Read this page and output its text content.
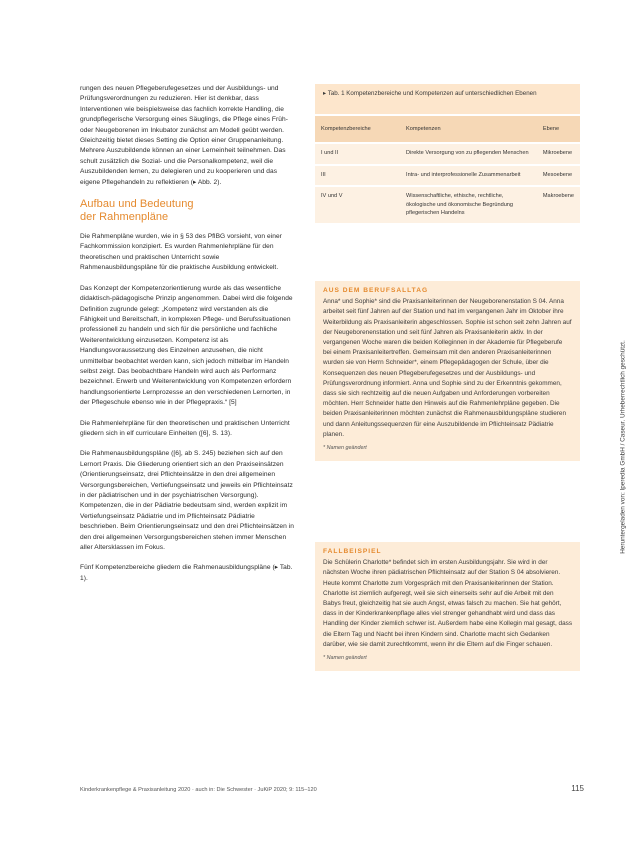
rungen des neuen Pflegeberufegesetzes und der Ausbildungs- und Prüfungsverordnungen zu reduzieren. Hier ist denkbar, dass Interventionen wie beispielsweise das fachlich korrekte Handling, die grundpflegerische Versorgung eines Säuglings, die Pflege eines Früh- oder Neugeborenen im Inkubator zunächst am Modell geübt werden. Gleichzeitig bietet dieses Setting die Option einer Gruppenanleitung. Mehrere Auszubildende können an einer Lerneinheit teilnehmen. Das schult zusätzlich die Sozial- und die Personalkompetenz, weil die Auszubildenden lernen, zu delegieren und zu kooperieren und das eigene Pflegehandeln zu reflektieren (▸ Abb. 2).

Aufbau und Bedeutung
der Rahmenpläne

Die Rahmenpläne wurden, wie in § 53 des PflBG vorsieht, von einer Fachkommission konzipiert. Es wurden Rahmenlehrpläne für den theoretischen und praktischen Unterricht sowie Rahmenausbildungspläne für die praktische Ausbildung entwickelt.

Das Konzept der Kompetenzorientierung wurde als das wesentliche didaktisch-pädagogische Prinzip angenommen. Dabei wird die folgende Definition zugrunde gelegt: „Kompetenz wird verstanden als die Fähigkeit und Bereitschaft, in komplexen Pflege- und Berufssituationen professionell zu handeln und sich für die persönliche und fachliche Weiterentwicklung einzusetzen. Kompetenz ist als Handlungsvoraussetzung des Einzelnen anzusehen, die nicht unmittelbar beobachtet werden kann, sich jedoch mittelbar im Handeln selbst zeigt. Das beobachtbare Handeln wird auch als Performanz bezeichnet. Erwerb und Weiterentwicklung von Kompetenzen erfordern handlungsorientierte Lernprozesse an den verschiedenen Lernorten, in der Pflegeschule ebenso wie in der Pflegepraxis.“ [5]

Die Rahmenlehrpläne für den theoretischen und praktischen Unterricht gliedern sich in elf curriculare Einheiten ([6], S. 13).

Die Rahmenausbildungspläne ([6], ab S. 245) beziehen sich auf den Lernort Praxis. Die Gliederung orientiert sich an den Praxiseinsätzen (Orientierungseinsatz, drei Pflichteinsätze in den drei allgemeinen Versorgungsbereichen, Vertiefungseinsatz und jeweils ein Pflichteinsatz in der pädiatrischen und in der psychiatrischen Versorgung). Kompetenzen, die in der Pädiatrie bedeutsam sind, werden explizit im Vertiefungseinsatz Pädiatrie und im Pflichteinsatz Pädiatrie beschrieben. Beim Orientierungseinsatz und den drei Pflichteinsätzen in den drei allgemeinen Versorgungsbereichen stehen immer Menschen aller Altersklassen im Fokus.

Fünf Kompetenzbereiche gliedern die Rahmenausbildungspläne (▸ Tab. 1).

▸ Tab. 1 Kompetenzbereiche und Kompetenzen auf unterschiedlichen Ebenen
Kompetenzbereiche	Kompetenzen	Ebene
I und II	Direkte Versorgung von zu pflegenden Menschen	Mikroebene
III	Intra- und interprofessionelle Zusammenarbeit	Mesoebene
IV und V	Wissenschaftliche, ethische, rechtliche, ökologische und ökonomische Begründung pflegerischen Handelns	Makroebene
AUS DEM BERUFSALLTAG
Anna* und Sophie* sind die Praxisanleiterinnen der Neugeborenenstation S 04. Anna arbeitet seit fünf Jahren auf der Station und hat im vergangenen Jahr im Oktober ihre Weiterbildung als Praxisanleiterin abgeschlossen. Sophie ist schon seit zehn Jahren auf der Neugeborenenstation und seit fünf Jahren als Praxisanleiterin aktiv. In der vergangenen Woche waren die beiden Kolleginnen in der Akademie für Pflegeberufe bei einem Praxisanleitertreffen. Gemeinsam mit den anderen Praxisanleiterinnen wurden sie von Herrn Schneider*, einem Pflegepädagogen der Schule, über die Konsequenzen des neuen Pflegeberufegesetzes und der Ausbildungs- und Prüfungsverordnung informiert. Anna und Sophie sind zu der Erkenntnis gekommen, dass sie sich rechtzeitig auf die neuen Aufgaben und Anforderungen vorbereiten möchten. Herr Schneider hatte den Hinweis auf die Rahmenlehrpläne gegeben. Die beiden Praxisanleiterinnen möchten zunächst die Rahmenausbildungspläne studieren und dann Anleitungssequenzen für eine Auszubildende im Pflichteinsatz Pädiatrie planen.
* Namen geändert
FALLBEISPIEL
Die Schülerin Charlotte* befindet sich im ersten Ausbildungsjahr. Sie wird in der nächsten Woche ihren pädiatrischen Pflichteinsatz auf der Station S 04 absolvieren. Heute kommt Charlotte zum Vorgespräch mit den Praxisanleiterinnen der Station. Charlotte ist ziemlich aufgeregt, weil sie sich einerseits sehr auf die Arbeit mit den Babys freut, gleichzeitig hat sie auch Angst, etwas falsch zu machen. Sie hat gehört, dass in der Kinderkrankenpflage alles viel strenger gehandhabt wird und dass das Handling der Kinder ziemlich schwer ist. Außerdem habe eine Kollegin mal gesagt, dass die Eltern Tag und Nacht bei ihren Kindern sind. Charlotte macht sich Gedanken darüber, wie sie damit zurechtkommt, wenn ihr die Eltern auf die Finger schauen.
* Namen geändert
Heruntergeladen von: Iperedia GmbH / Caseur. Urheberrechtlich geschützt.
Kinderkrankenpflege & Praxisanleitung 2020 · auch in: Die Schwester · JuKiP 2020; 9: 115–120	115
